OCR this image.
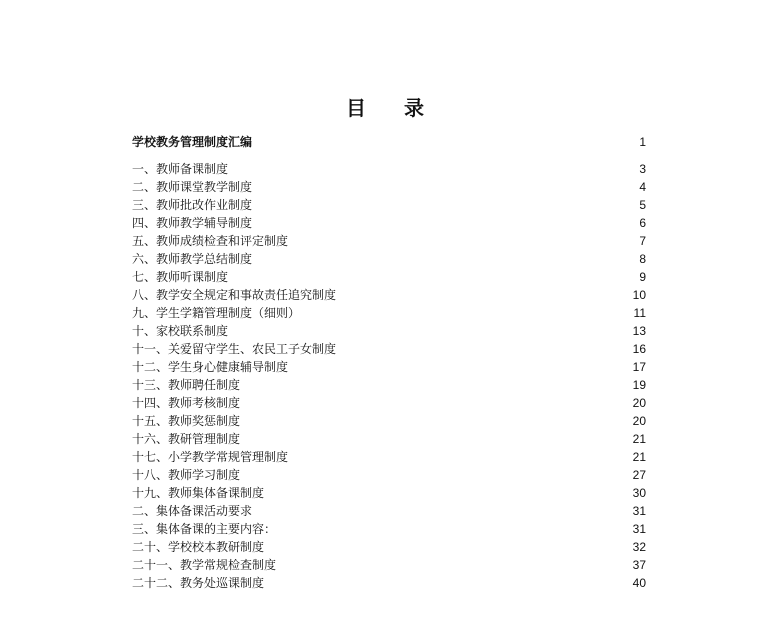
目 录
学校教务管理制度汇编	1
一、教师备课制度	3
二、教师课堂教学制度	4
三、教师批改作业制度	5
四、教师教学辅导制度	6
五、教师成绩检查和评定制度	7
六、教师教学总结制度	8
七、教师听课制度	9
八、教学安全规定和事故责任追究制度	10
九、学生学籍管理制度（细则）	11
十、家校联系制度	13
十一、关爱留守学生、农民工子女制度	16
十二、学生身心健康辅导制度	17
十三、教师聘任制度	19
十四、教师考核制度	20
十五、教师奖惩制度	20
十六、教研管理制度	21
十七、小学教学常规管理制度	21
十八、教师学习制度	27
十九、教师集体备课制度	30
二、集体备课活动要求	31
三、集体备课的主要内容：	31
二十、学校校本教研制度	32
二十一、教学常规检查制度	37
二十二、教务处巡课制度	40
